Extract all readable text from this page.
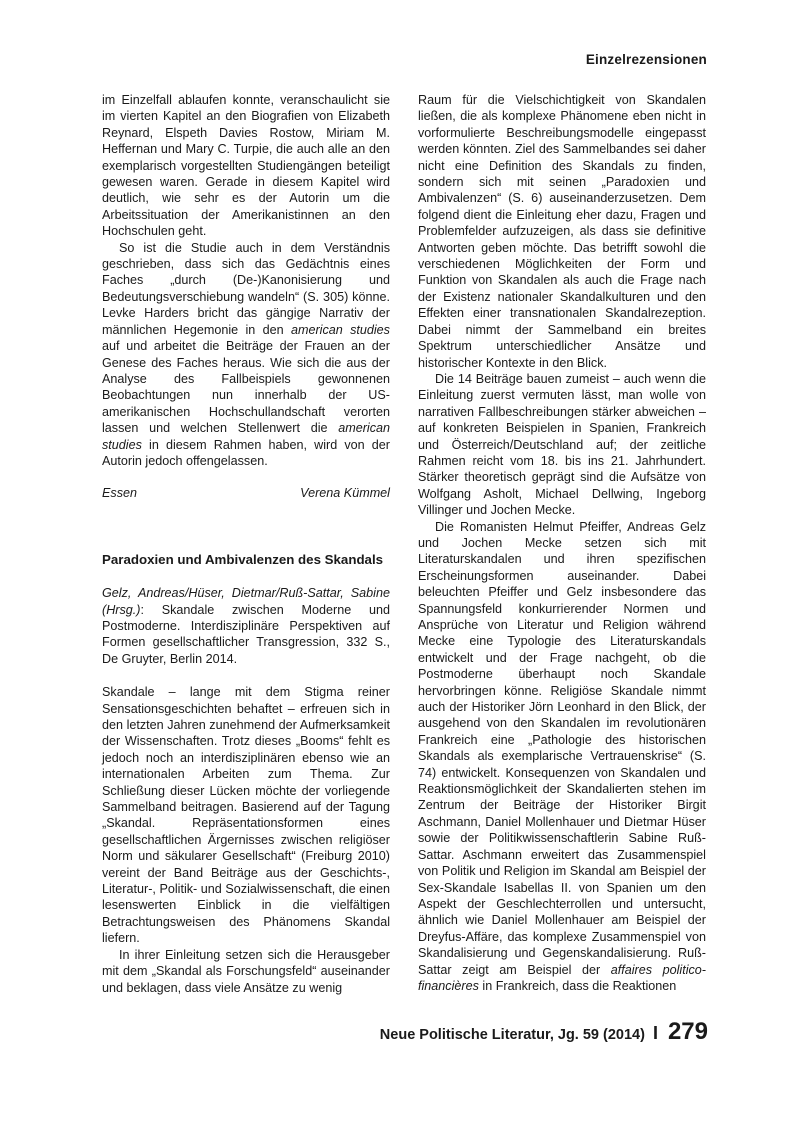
Einzelrezensionen

im Einzelfall ablaufen konnte, veranschaulicht sie im vierten Kapitel an den Biografien von Elizabeth Reynard, Elspeth Davies Rostow, Miriam M. Heffernan und Mary C. Turpie, die auch alle an den exemplarisch vorgestellten Studiengängen beteiligt gewesen waren. Gerade in diesem Kapitel wird deutlich, wie sehr es der Autorin um die Arbeitssituation der Amerikanistinnen an den Hochschulen geht.

So ist die Studie auch in dem Verständnis geschrieben, dass sich das Gedächtnis eines Faches „durch (De-)Kanonisierung und Bedeutungsverschiebung wandeln“ (S. 305) könne. Levke Harders bricht das gängige Narrativ der männlichen Hegemonie in den american studies auf und arbeitet die Beiträge der Frauen an der Genese des Faches heraus. Wie sich die aus der Analyse des Fallbeispiels gewonnenen Beobachtungen nun innerhalb der US-amerikanischen Hochschullandschaft verorten lassen und welchen Stellenwert die american studies in diesem Rahmen haben, wird von der Autorin jedoch offengelassen.

Essen	Verena Kümmel
Paradoxien und Ambivalenzen des Skandals

Gelz, Andreas/Hüser, Dietmar/Ruß-Sattar, Sabine (Hrsg.): Skandale zwischen Moderne und Postmoderne. Interdisziplinäre Perspektiven auf Formen gesellschaftlicher Transgression, 332 S., De Gruyter, Berlin 2014.

Skandale – lange mit dem Stigma reiner Sensationsgeschichten behaftet – erfreuen sich in den letzten Jahren zunehmend der Aufmerksamkeit der Wissenschaften. Trotz dieses „Booms“ fehlt es jedoch noch an interdisziplinären ebenso wie an internationalen Arbeiten zum Thema. Zur Schließung dieser Lücken möchte der vorliegende Sammelband beitragen. Basierend auf der Tagung „Skandal. Repräsentationsformen eines gesellschaftlichen Ärgernisses zwischen religiöser Norm und säkularer Gesellschaft“ (Freiburg 2010) vereint der Band Beiträge aus der Geschichts-, Literatur-, Politik- und Sozialwissenschaft, die einen lesenswerten Einblick in die vielfältigen Betrachtungsweisen des Phänomens Skandal liefern.

In ihrer Einleitung setzen sich die Herausgeber mit dem „Skandal als Forschungsfeld“ auseinander und beklagen, dass viele Ansätze zu wenig

Raum für die Vielschichtigkeit von Skandalen ließen, die als komplexe Phänomene eben nicht in vorformulierte Beschreibungsmodelle eingepasst werden könnten. Ziel des Sammelbandes sei daher nicht eine Definition des Skandals zu finden, sondern sich mit seinen „Paradoxien und Ambivalenzen“ (S. 6) auseinanderzusetzen. Dem folgend dient die Einleitung eher dazu, Fragen und Problemfelder aufzuzeigen, als dass sie definitive Antworten geben möchte. Das betrifft sowohl die verschiedenen Möglichkeiten der Form und Funktion von Skandalen als auch die Frage nach der Existenz nationaler Skandalkulturen und den Effekten einer transnationalen Skandalrezeption. Dabei nimmt der Sammelband ein breites Spektrum unterschiedlicher Ansätze und historischer Kontexte in den Blick.

Die 14 Beiträge bauen zumeist – auch wenn die Einleitung zuerst vermuten lässt, man wolle von narrativen Fallbeschreibungen stärker abweichen – auf konkreten Beispielen in Spanien, Frankreich und Österreich/Deutschland auf; der zeitliche Rahmen reicht vom 18. bis ins 21. Jahrhundert. Stärker theoretisch geprägt sind die Aufsätze von Wolfgang Asholt, Michael Dellwing, Ingeborg Villinger und Jochen Mecke.

Die Romanisten Helmut Pfeiffer, Andreas Gelz und Jochen Mecke setzen sich mit Literaturskandalen und ihren spezifischen Erscheinungsformen auseinander. Dabei beleuchten Pfeiffer und Gelz insbesondere das Spannungsfeld konkurrierender Normen und Ansprüche von Literatur und Religion während Mecke eine Typologie des Literaturskandals entwickelt und der Frage nachgeht, ob die Postmoderne überhaupt noch Skandale hervorbringen könne. Religiöse Skandale nimmt auch der Historiker Jörn Leonhard in den Blick, der ausgehend von den Skandalen im revolutionären Frankreich eine „Pathologie des historischen Skandals als exemplarische Vertrauenskrise“ (S. 74) entwickelt. Konsequenzen von Skandalen und Reaktionsmöglichkeit der Skandalierten stehen im Zentrum der Beiträge der Historiker Birgit Aschmann, Daniel Mollenhauer und Dietmar Hüser sowie der Politikwissenschaftlerin Sabine Ruß-Sattar. Aschmann erweitert das Zusammenspiel von Politik und Religion im Skandal am Beispiel der Sex-Skandale Isabellas II. von Spanien um den Aspekt der Geschlechterrollen und untersucht, ähnlich wie Daniel Mollenhauer am Beispiel der Dreyfus-Affäre, das komplexe Zusammenspiel von Skandalisierung und Gegenskandalisierung. Ruß-Sattar zeigt am Beispiel der affaires politico-financières in Frankreich, dass die Reaktionen

Neue Politische Literatur, Jg. 59 (2014) I 279
